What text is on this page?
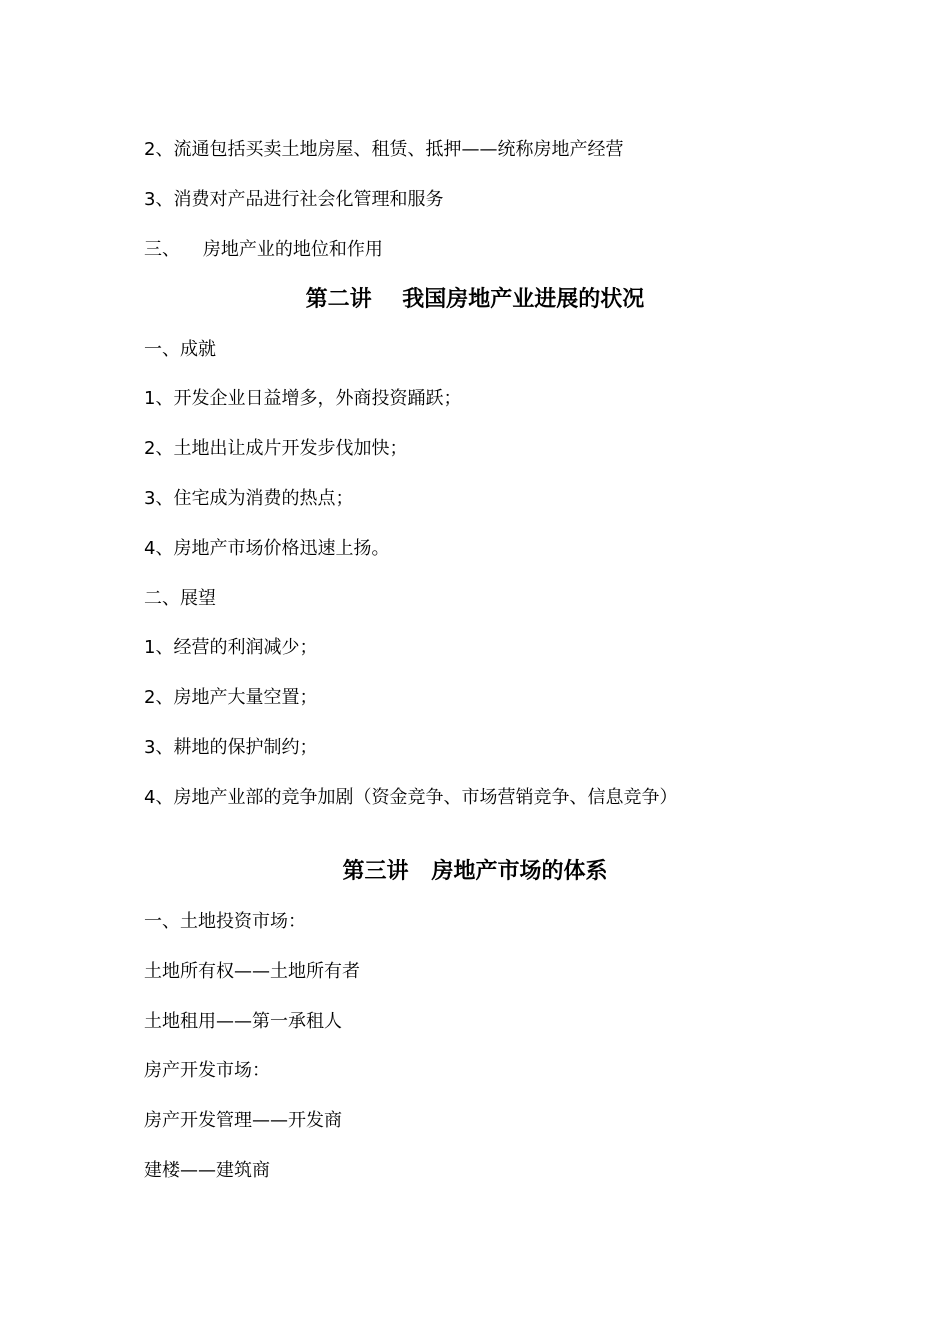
2、流通包括买卖土地房屋、租赁、抵押——统称房地产经营
3、消费对产品进行社会化管理和服务
三、    房地产业的地位和作用
第二讲    我国房地产业进展的状况
一、成就
1、开发企业日益增多，外商投资踊跃；
2、土地出让成片开发步伐加快；
3、住宅成为消费的热点；
4、房地产市场价格迅速上扬。
二、展望
1、经营的利润减少；
2、房地产大量空置；
3、耕地的保护制约；
4、房地产业部的竞争加剧（资金竞争、市场营销竞争、信息竞争）
第三讲   房地产市场的体系
一、土地投资市场：
土地所有权——土地所有者
土地租用——第一承租人
房产开发市场：
房产开发管理——开发商
建楼——建筑商
